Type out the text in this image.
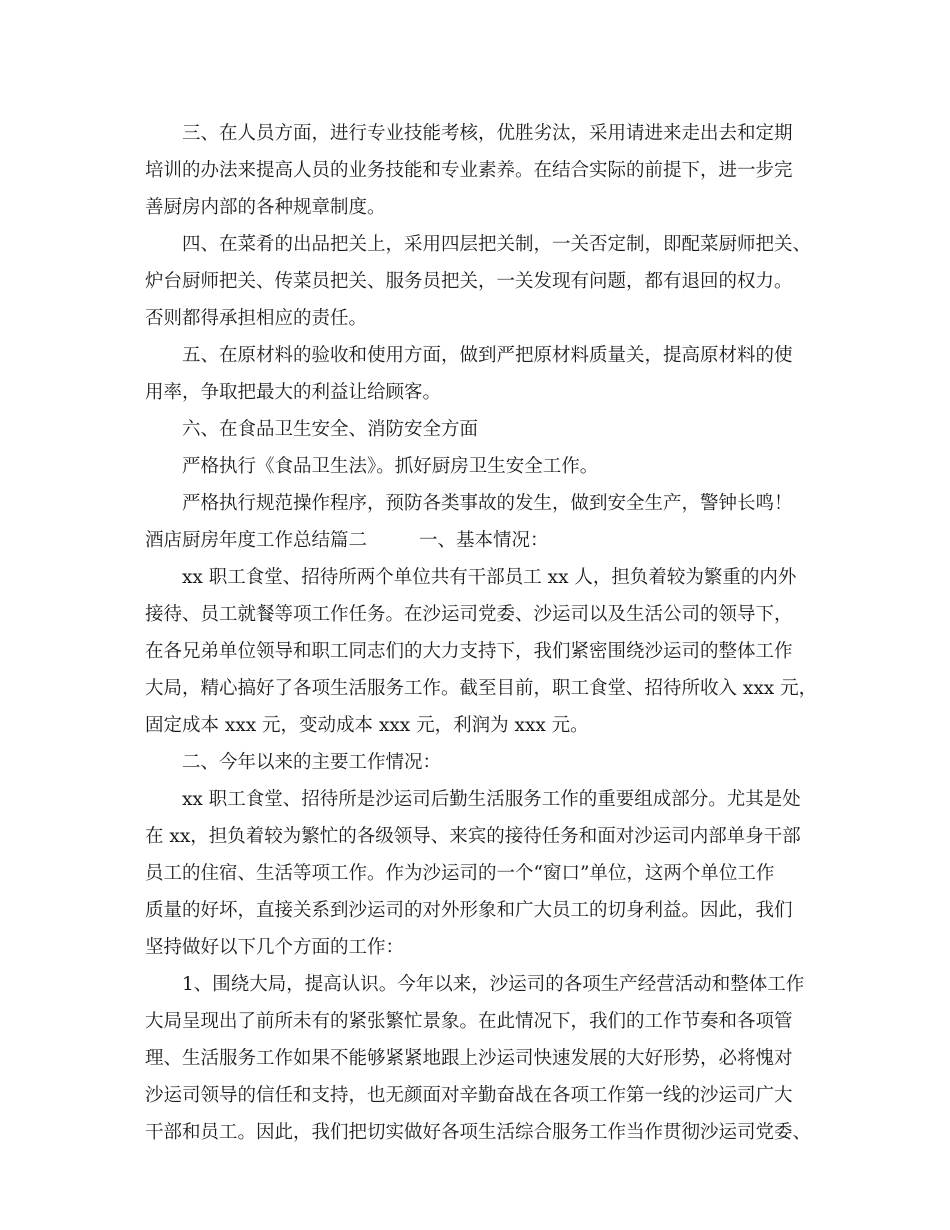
三、在人员方面，进行专业技能考核，优胜劣汰，采用请进来走出去和定期
培训的办法来提高人员的业务技能和专业素养。在结合实际的前提下，进一步完
善厨房内部的各种规章制度。
四、在菜肴的出品把关上，采用四层把关制，一关否定制，即配菜厨师把关、
炉台厨师把关、传菜员把关、服务员把关，一关发现有问题，都有退回的权力。
否则都得承担相应的责任。
五、在原材料的验收和使用方面，做到严把原材料质量关，提高原材料的使
用率，争取把最大的利益让给顾客。
六、在食品卫生安全、消防安全方面
严格执行《食品卫生法》。抓好厨房卫生安全工作。
严格执行规范操作程序，预防各类事故的发生，做到安全生产，警钟长鸣！
酒店厨房年度工作总结篇二	一、基本情况：
xx 职工食堂、招待所两个单位共有干部员工 xx 人，担负着较为繁重的内外
接待、员工就餐等项工作任务。在沙运司党委、沙运司以及生活公司的领导下，
在各兄弟单位领导和职工同志们的大力支持下，我们紧密围绕沙运司的整体工作
大局，精心搞好了各项生活服务工作。截至目前，职工食堂、招待所收入 xxx 元，
固定成本 xxx 元，变动成本 xxx 元，利润为 xxx 元。
二、今年以来的主要工作情况：
xx 职工食堂、招待所是沙运司后勤生活服务工作的重要组成部分。尤其是处
在 xx，担负着较为繁忙的各级领导、来宾的接待任务和面对沙运司内部单身干部
员工的住宿、生活等项工作。作为沙运司的一个“窗口”单位，这两个单位工作
质量的好坏，直接关系到沙运司的对外形象和广大员工的切身利益。因此，我们
坚持做好以下几个方面的工作：
1、围绕大局，提高认识。今年以来，沙运司的各项生产经营活动和整体工作
大局呈现出了前所未有的紧张繁忙景象。在此情况下，我们的工作节奏和各项管
理、生活服务工作如果不能够紧紧地跟上沙运司快速发展的大好形势，必将愧对
沙运司领导的信任和支持，也无颜面对辛勤奋战在各项工作第一线的沙运司广大
干部和员工。因此，我们把切实做好各项生活综合服务工作当作贯彻沙运司党委、
